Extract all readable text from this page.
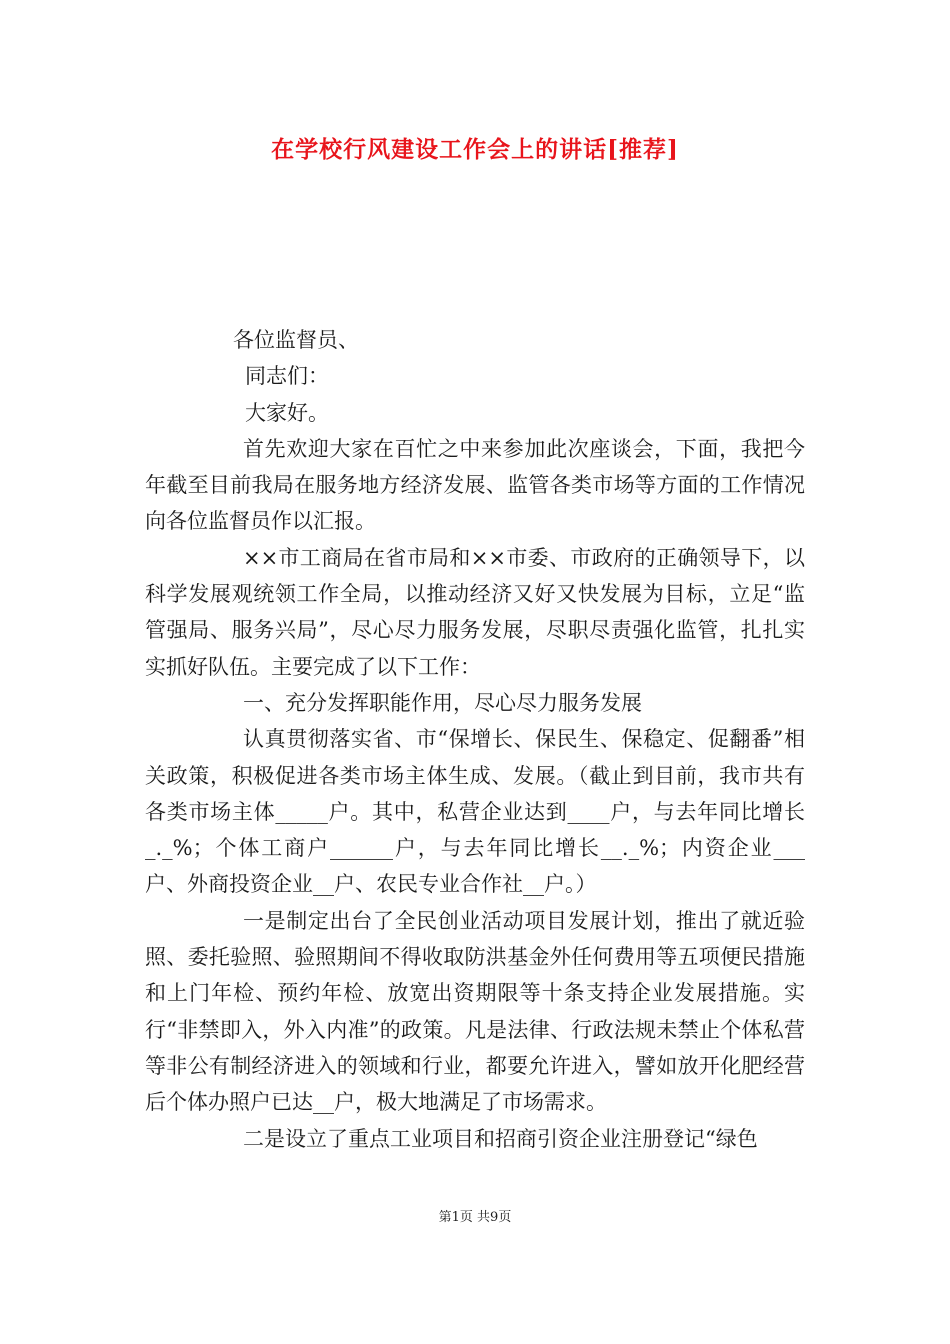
在学校行风建设工作会上的讲话[推荐]

各位监督员、

同志们：

大家好。

首先欢迎大家在百忙之中来参加此次座谈会，下面，我把今年截至目前我局在服务地方经济发展、监管各类市场等方面的工作情况向各位监督员作以汇报。

××市工商局在省市局和××市委、市政府的正确领导下，以科学发展观统领工作全局，以推动经济又好又快发展为目标，立足“监管强局、服务兴局”，尽心尽力服务发展，尽职尽责强化监管，扎扎实实抓好队伍。主要完成了以下工作：

一、充分发挥职能作用，尽心尽力服务发展

认真贯彻落实省、市“保增长、保民生、保稳定、促翻番”相关政策，积极促进各类市场主体生成、发展。（截止到目前，我市共有各类市场主体_____户。其中，私营企业达到____户，与去年同比增长_._%；个体工商户______户，与去年同比增长__._%；内资企业___户、外商投资企业__户、农民专业合作社__户。）

一是制定出台了全民创业活动项目发展计划，推出了就近验照、委托验照、验照期间不得收取防洪基金外任何费用等五项便民措施和上门年检、预约年检、放宽出资期限等十条支持企业发展措施。实行“非禁即入，外入内准”的政策。凡是法律、行政法规未禁止个体私营等非公有制经济进入的领域和行业，都要允许进入，譬如放开化肥经营后个体办照户已达__户，极大地满足了市场需求。

二是设立了重点工业项目和招商引资企业注册登记“绿色

第1页 共9页
